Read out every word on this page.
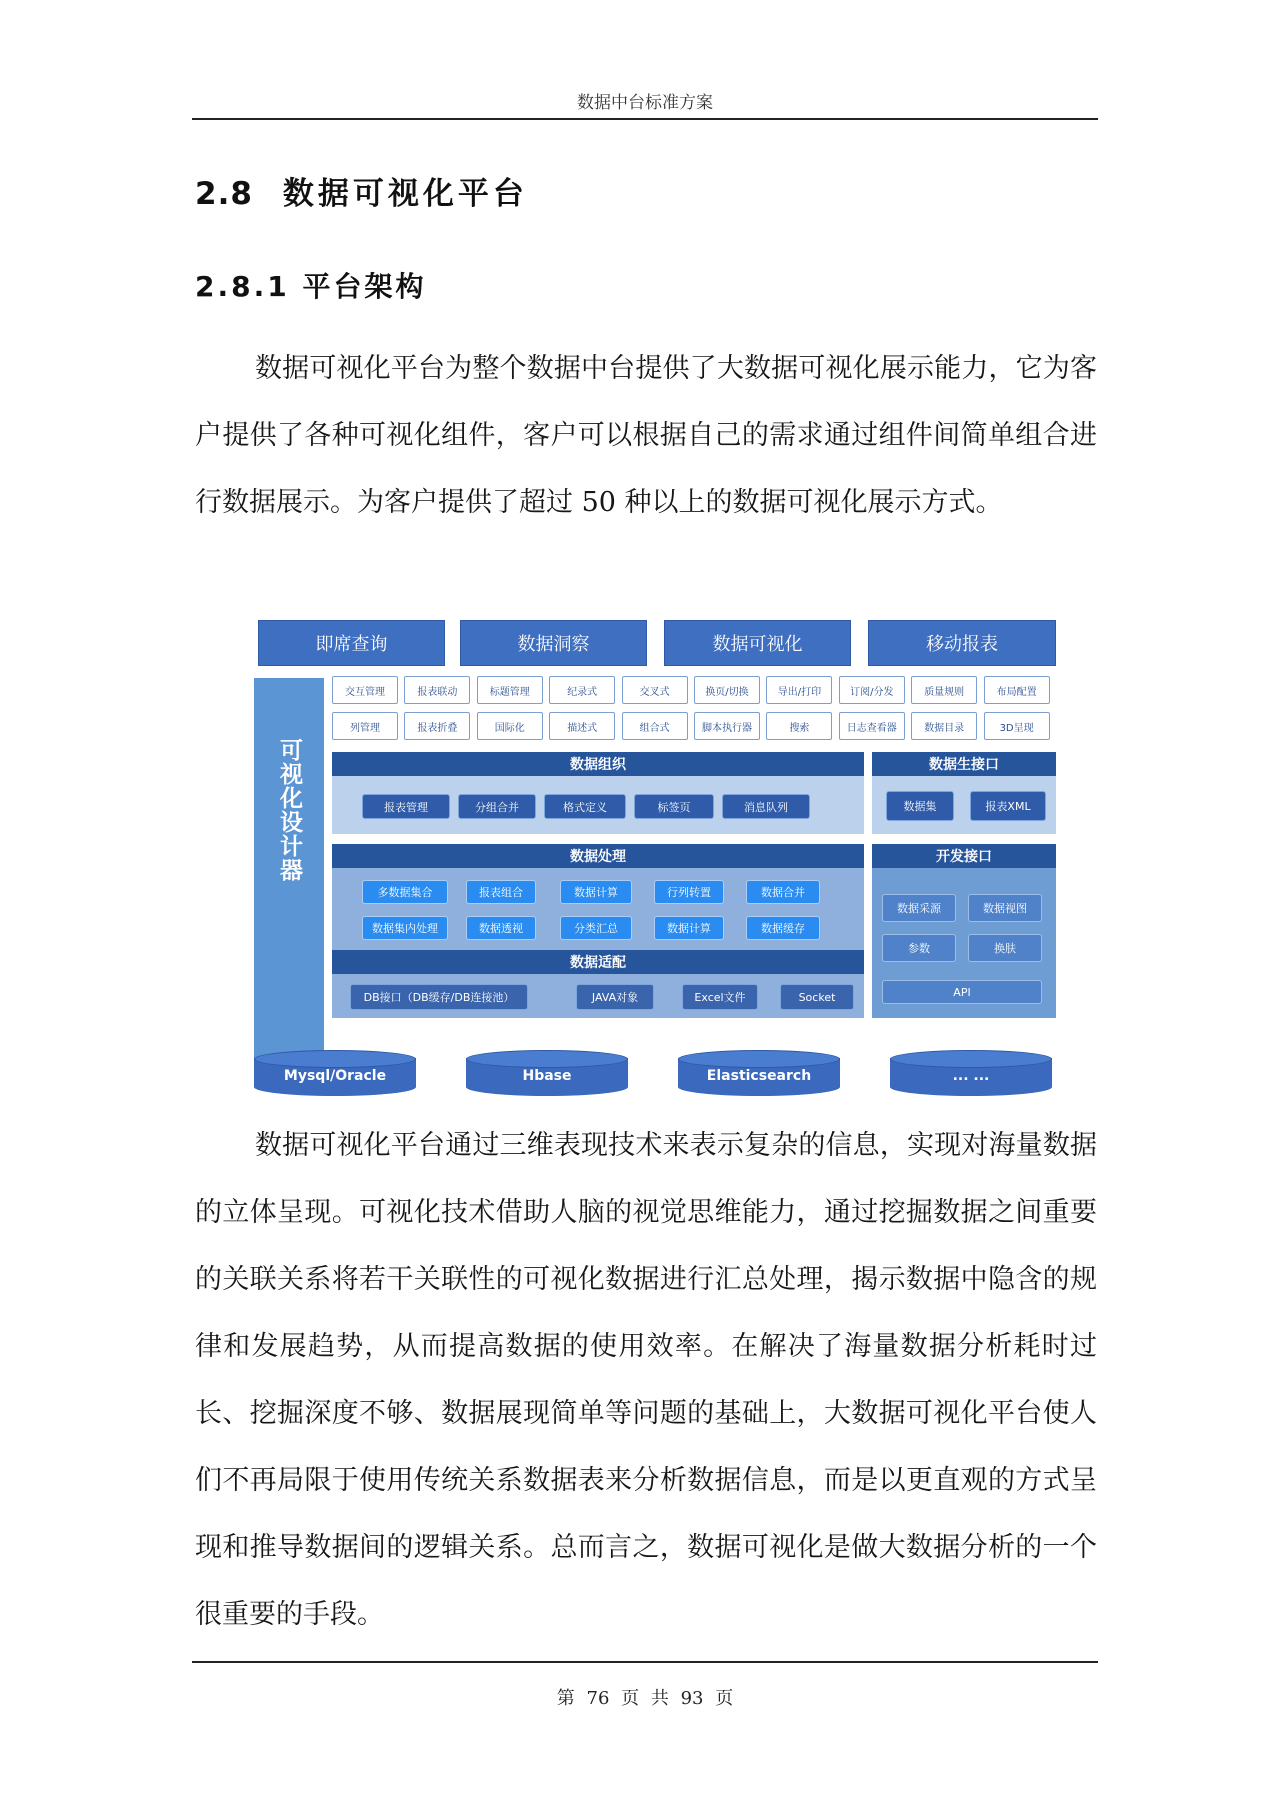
数据中台标准方案
2.8 数据可视化平台
2.8.1 平台架构

数据可视化平台为整个数据中台提供了大数据可视化展示能力，它为客户提供了各种可视化组件，客户可以根据自己的需求通过组件间简单组合进行数据展示。为客户提供了超过 50 种以上的数据可视化展示方式。

即席查询	数据洞察	数据可视化	移动报表
可视化设计器
交互管理	报表联动	标题管理	纪录式	交叉式	换页/切换	导出/打印	订阅/分发	质量规则	布局配置
列管理	报表折叠	国际化	描述式	组合式	脚本执行器	搜索	日志查看器	数据目录	3D呈现
数据组织
报表管理	分组合并	格式定义	标签页	消息队列
数据生接口
数据集	报表XML
数据处理
多数据集合	报表组合	数据计算	行列转置	数据合并
数据集内处理	数据透视	分类汇总	数据计算	数据缓存
数据适配
DB接口（DB缓存/DB连接池）	JAVA对象	Excel文件	Socket
开发接口
数据采源	数据视图
参数	换肤
API
Mysql/Oracle	Hbase	Elasticsearch	... ...

数据可视化平台通过三维表现技术来表示复杂的信息，实现对海量数据的立体呈现。可视化技术借助人脑的视觉思维能力，通过挖掘数据之间重要的关联关系将若干关联性的可视化数据进行汇总处理，揭示数据中隐含的规律和发展趋势，从而提高数据的使用效率。在解决了海量数据分析耗时过长、挖掘深度不够、数据展现简单等问题的基础上，大数据可视化平台使人们不再局限于使用传统关系数据表来分析数据信息，而是以更直观的方式呈现和推导数据间的逻辑关系。总而言之，数据可视化是做大数据分析的一个很重要的手段。

第 76 页 共 93 页
